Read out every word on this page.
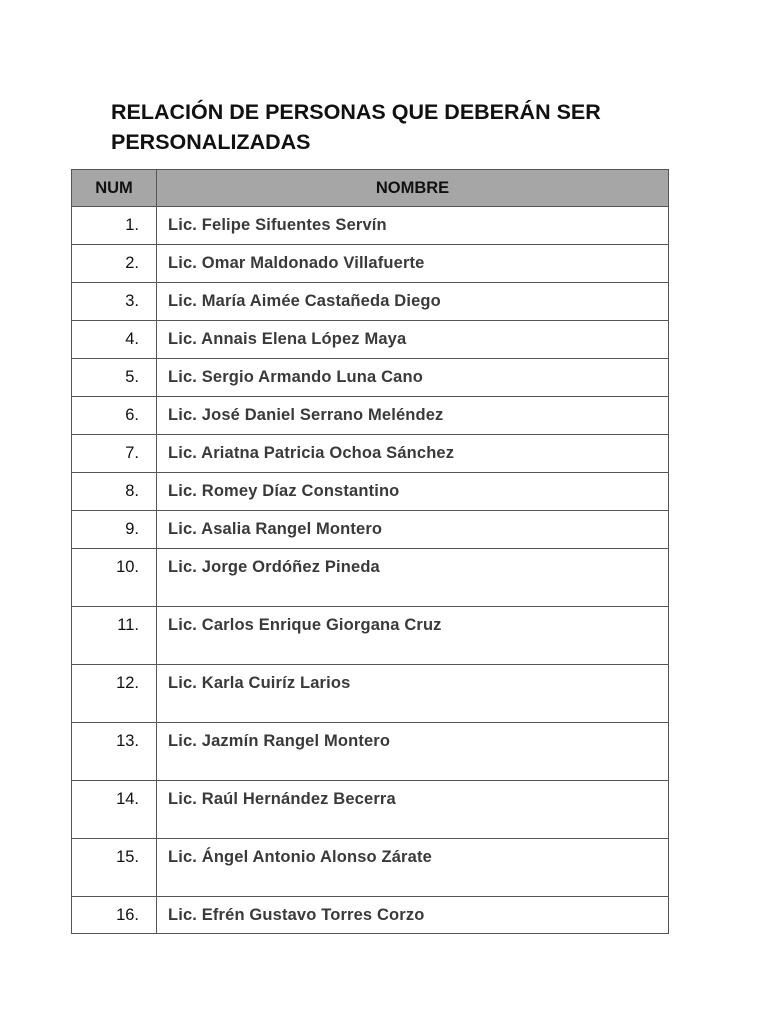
RELACIÓN DE PERSONAS QUE DEBERÁN SER PERSONALIZADAS
NUM	NOMBRE
1.	Lic. Felipe Sifuentes Servín
2.	Lic. Omar Maldonado Villafuerte
3.	Lic. María Aimée Castañeda Diego
4.	Lic. Annais Elena López Maya
5.	Lic. Sergio Armando Luna Cano
6.	Lic. José Daniel Serrano Meléndez
7.	Lic. Ariatna Patricia Ochoa Sánchez
8.	Lic. Romey Díaz Constantino
9.	Lic. Asalia Rangel Montero
10.	Lic. Jorge Ordóñez Pineda
11.	Lic. Carlos Enrique Giorgana Cruz
12.	Lic. Karla Cuiríz Larios
13.	Lic. Jazmín Rangel Montero
14.	Lic. Raúl Hernández Becerra
15.	Lic. Ángel Antonio Alonso Zárate
16.	Lic. Efrén Gustavo Torres Corzo
